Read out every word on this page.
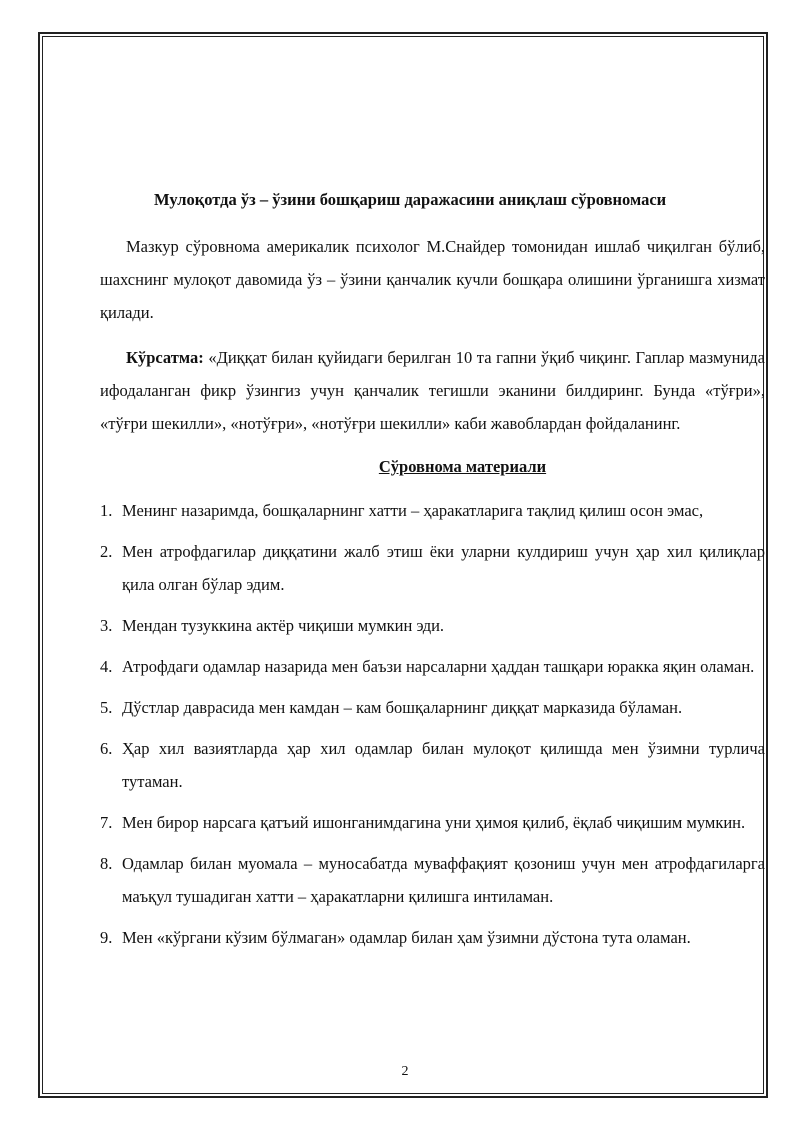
Мулоқотда ўз – ўзини бошқариш даражасини аниқлаш сўровномаси

Мазкур сўровнома америкалик психолог М.Снайдер томонидан ишлаб чиқилган бўлиб, шахснинг мулоқот давомида ўз – ўзини қанчалик кучли бошқара олишини ўрганишга хизмат қилади.

Кўрсатма: «Диққат билан қуйидаги берилган 10 та гапни ўқиб чиқинг. Гаплар мазмунида ифодаланган фикр ўзингиз учун қанчалик тегишли эканини билдиринг. Бунда «тўғри», «тўғри шекилли», «нотўғри», «нотўғри шекилли» каби жавоблардан фойдаланинг.

Сўровнома материали
1. Менинг назаримда, бошқаларнинг хатти – ҳаракатларига тақлид қилиш осон эмас,
2. Мен атрофдагилар диққатини жалб этиш ёки уларни кулдириш учун ҳар хил қилиқлар қила олган бўлар эдим.
3. Мендан тузуккина актёр чиқиши мумкин эди.
4. Атрофдаги одамлар назарида мен баъзи нарсаларни ҳаддан ташқари юракка яқин оламан.
5. Дўстлар даврасида мен камдан – кам бошқаларнинг диққат марказида бўламан.
6. Ҳар хил вазиятларда ҳар хил одамлар билан мулоқот қилишда мен ўзимни турлича тутаман.
7. Мен бирор нарсага қатъий ишонганимдагина уни ҳимоя қилиб, ёқлаб чиқишим мумкин.
8. Одамлар билан муомала – муносабатда муваффақият қозониш учун мен атрофдагиларга маъқул тушадиган хатти – ҳаракатларни қилишга интиламан.
9. Мен «кўргани кўзим бўлмаган» одамлар билан ҳам ўзимни дўстона тута оламан.
2
